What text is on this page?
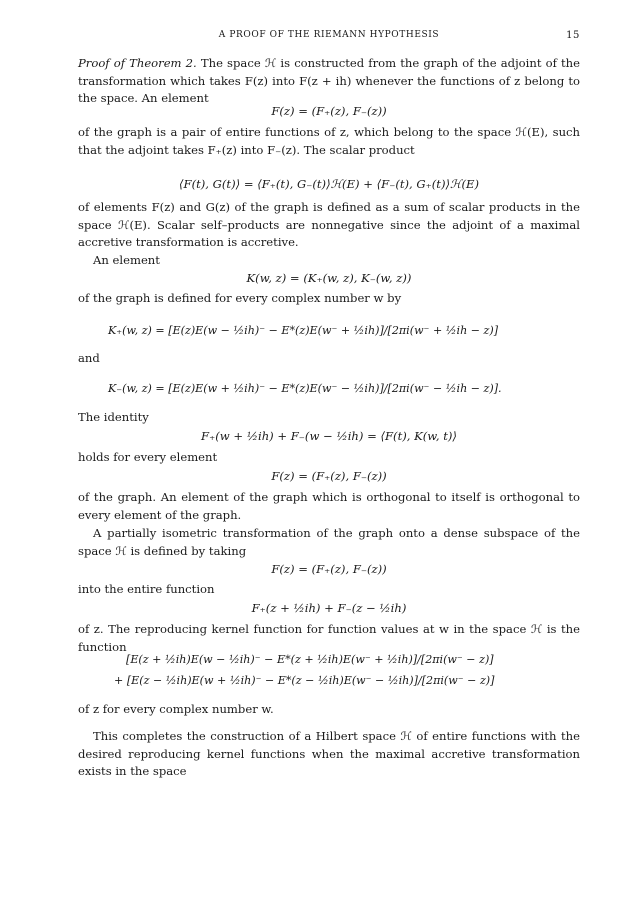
A PROOF OF THE RIEMANN HYPOTHESIS	15

Proof of Theorem 2. The space ℋ is constructed from the graph of the adjoint of the transformation which takes F(z) into F(z + ih) whenever the functions of z belong to the space. An element

F(z) = (F₊(z), F₋(z))

of the graph is a pair of entire functions of z, which belong to the space ℋ(E), such that the adjoint takes F₊(z) into F₋(z). The scalar product

⟨F(t), G(t)⟩ = ⟨F₊(t), G₋(t)⟩ℋ(E) + ⟨F₋(t), G₊(t)⟩ℋ(E)

of elements F(z) and G(z) of the graph is defined as a sum of scalar products in the space ℋ(E). Scalar self–products are nonnegative since the adjoint of a maximal accretive transformation is accretive.

An element

K(w, z) = (K₊(w, z), K₋(w, z))

of the graph is defined for every complex number w by

K₊(w, z) = [E(z)E(w − ½ih)⁻ − E*(z)E(w⁻ + ½ih)]/[2πi(w⁻ + ½ih − z)]

and

K₋(w, z) = [E(z)E(w + ½ih)⁻ − E*(z)E(w⁻ − ½ih)]/[2πi(w⁻ − ½ih − z)].

The identity

F₊(w + ½ih) + F₋(w − ½ih) = ⟨F(t), K(w, t)⟩

holds for every element

F(z) = (F₊(z), F₋(z))

of the graph. An element of the graph which is orthogonal to itself is orthogonal to every element of the graph.

A partially isometric transformation of the graph onto a dense subspace of the space ℋ is defined by taking

F(z) = (F₊(z), F₋(z))

into the entire function

F₊(z + ½ih) + F₋(z − ½ih)

of z. The reproducing kernel function for function values at w in the space ℋ is the function

[E(z + ½ih)E(w − ½ih)⁻ − E*(z + ½ih)E(w⁻ + ½ih)]/[2πi(w⁻ − z)]
+ [E(z − ½ih)E(w + ½ih)⁻ − E*(z − ½ih)E(w⁻ − ½ih)]/[2πi(w⁻ − z)]

of z for every complex number w.

This completes the construction of a Hilbert space ℋ of entire functions with the desired reproducing kernel functions when the maximal accretive transformation exists in the space
